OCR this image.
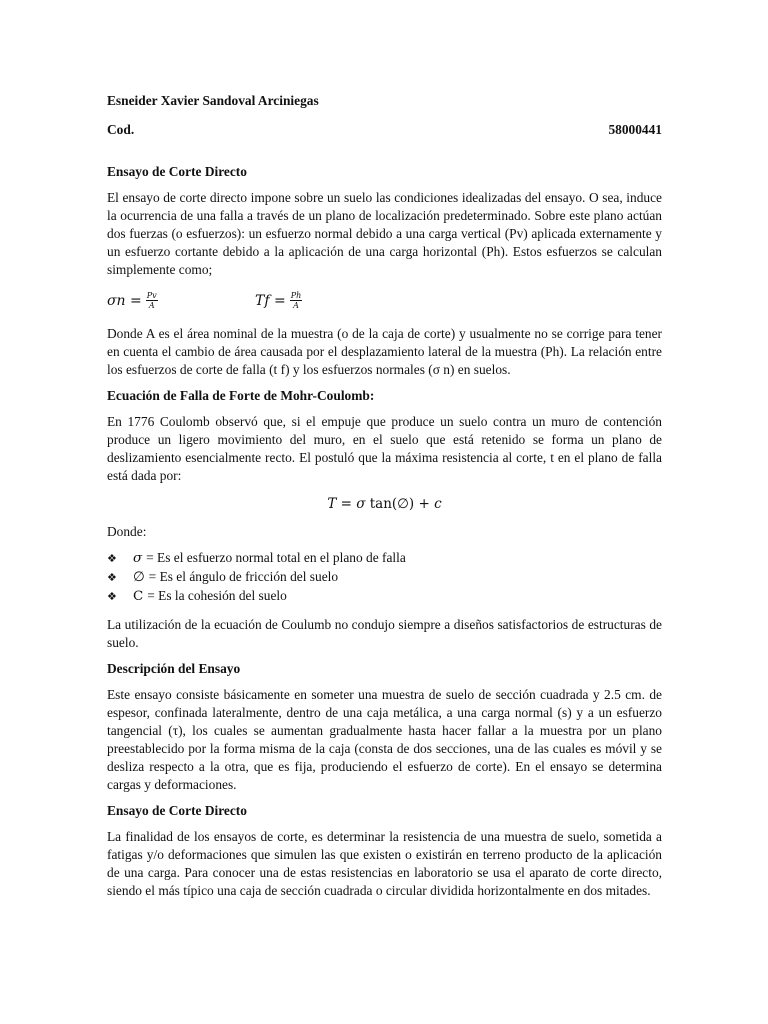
Esneider Xavier Sandoval Arciniegas
Cod.	58000441
Ensayo de Corte Directo

El ensayo de corte directo impone sobre un suelo las condiciones idealizadas del ensayo. O sea, induce la ocurrencia de una falla a través de un plano de localización predeterminado. Sobre este plano actúan dos fuerzas (o esfuerzos): un esfuerzo normal debido a una carga vertical (Pv) aplicada externamente y un esfuerzo cortante debido a la aplicación de una carga horizontal (Ph). Estos esfuerzos se calculan simplemente como;

$\sigma n = \frac{Pv}{A}$	$Tf = \frac{Ph}{A}$

Donde A es el área nominal de la muestra (o de la caja de corte) y usualmente no se corrige para tener en cuenta el cambio de área causada por el desplazamiento lateral de la muestra (Ph). La relación entre los esfuerzos de corte de falla (t f) y los esfuerzos normales (σ n) en suelos.

Ecuación de Falla de Forte de Mohr-Coulomb:

En 1776 Coulomb observó que, si el empuje que produce un suelo contra un muro de contención produce un ligero movimiento del muro, en el suelo que está retenido se forma un plano de deslizamiento esencialmente recto. El postuló que la máxima resistencia al corte, t en el plano de falla está dada por:

T = σ tan(∅) + c

Donde:

❖	σ = Es el esfuerzo normal total en el plano de falla
❖	∅ = Es el ángulo de fricción del suelo
❖	C = Es la cohesión del suelo

La utilización de la ecuación de Coulumb no condujo siempre a diseños satisfactorios de estructuras de suelo.

Descripción del Ensayo

Este ensayo consiste básicamente en someter una muestra de suelo de sección cuadrada y 2.5 cm. de espesor, confinada lateralmente, dentro de una caja metálica, a una carga normal (s) y a un esfuerzo tangencial (τ), los cuales se aumentan gradualmente hasta hacer fallar a la muestra por un plano preestablecido por la forma misma de la caja (consta de dos secciones, una de las cuales es móvil y se desliza respecto a la otra, que es fija, produciendo el esfuerzo de corte). En el ensayo se determina cargas y deformaciones.

Ensayo de Corte Directo

La finalidad de los ensayos de corte, es determinar la resistencia de una muestra de suelo, sometida a fatigas y/o deformaciones que simulen las que existen o existirán en terreno producto de la aplicación de una carga. Para conocer una de estas resistencias en laboratorio se usa el aparato de corte directo, siendo el más típico una caja de sección cuadrada o circular dividida horizontalmente en dos mitades.
